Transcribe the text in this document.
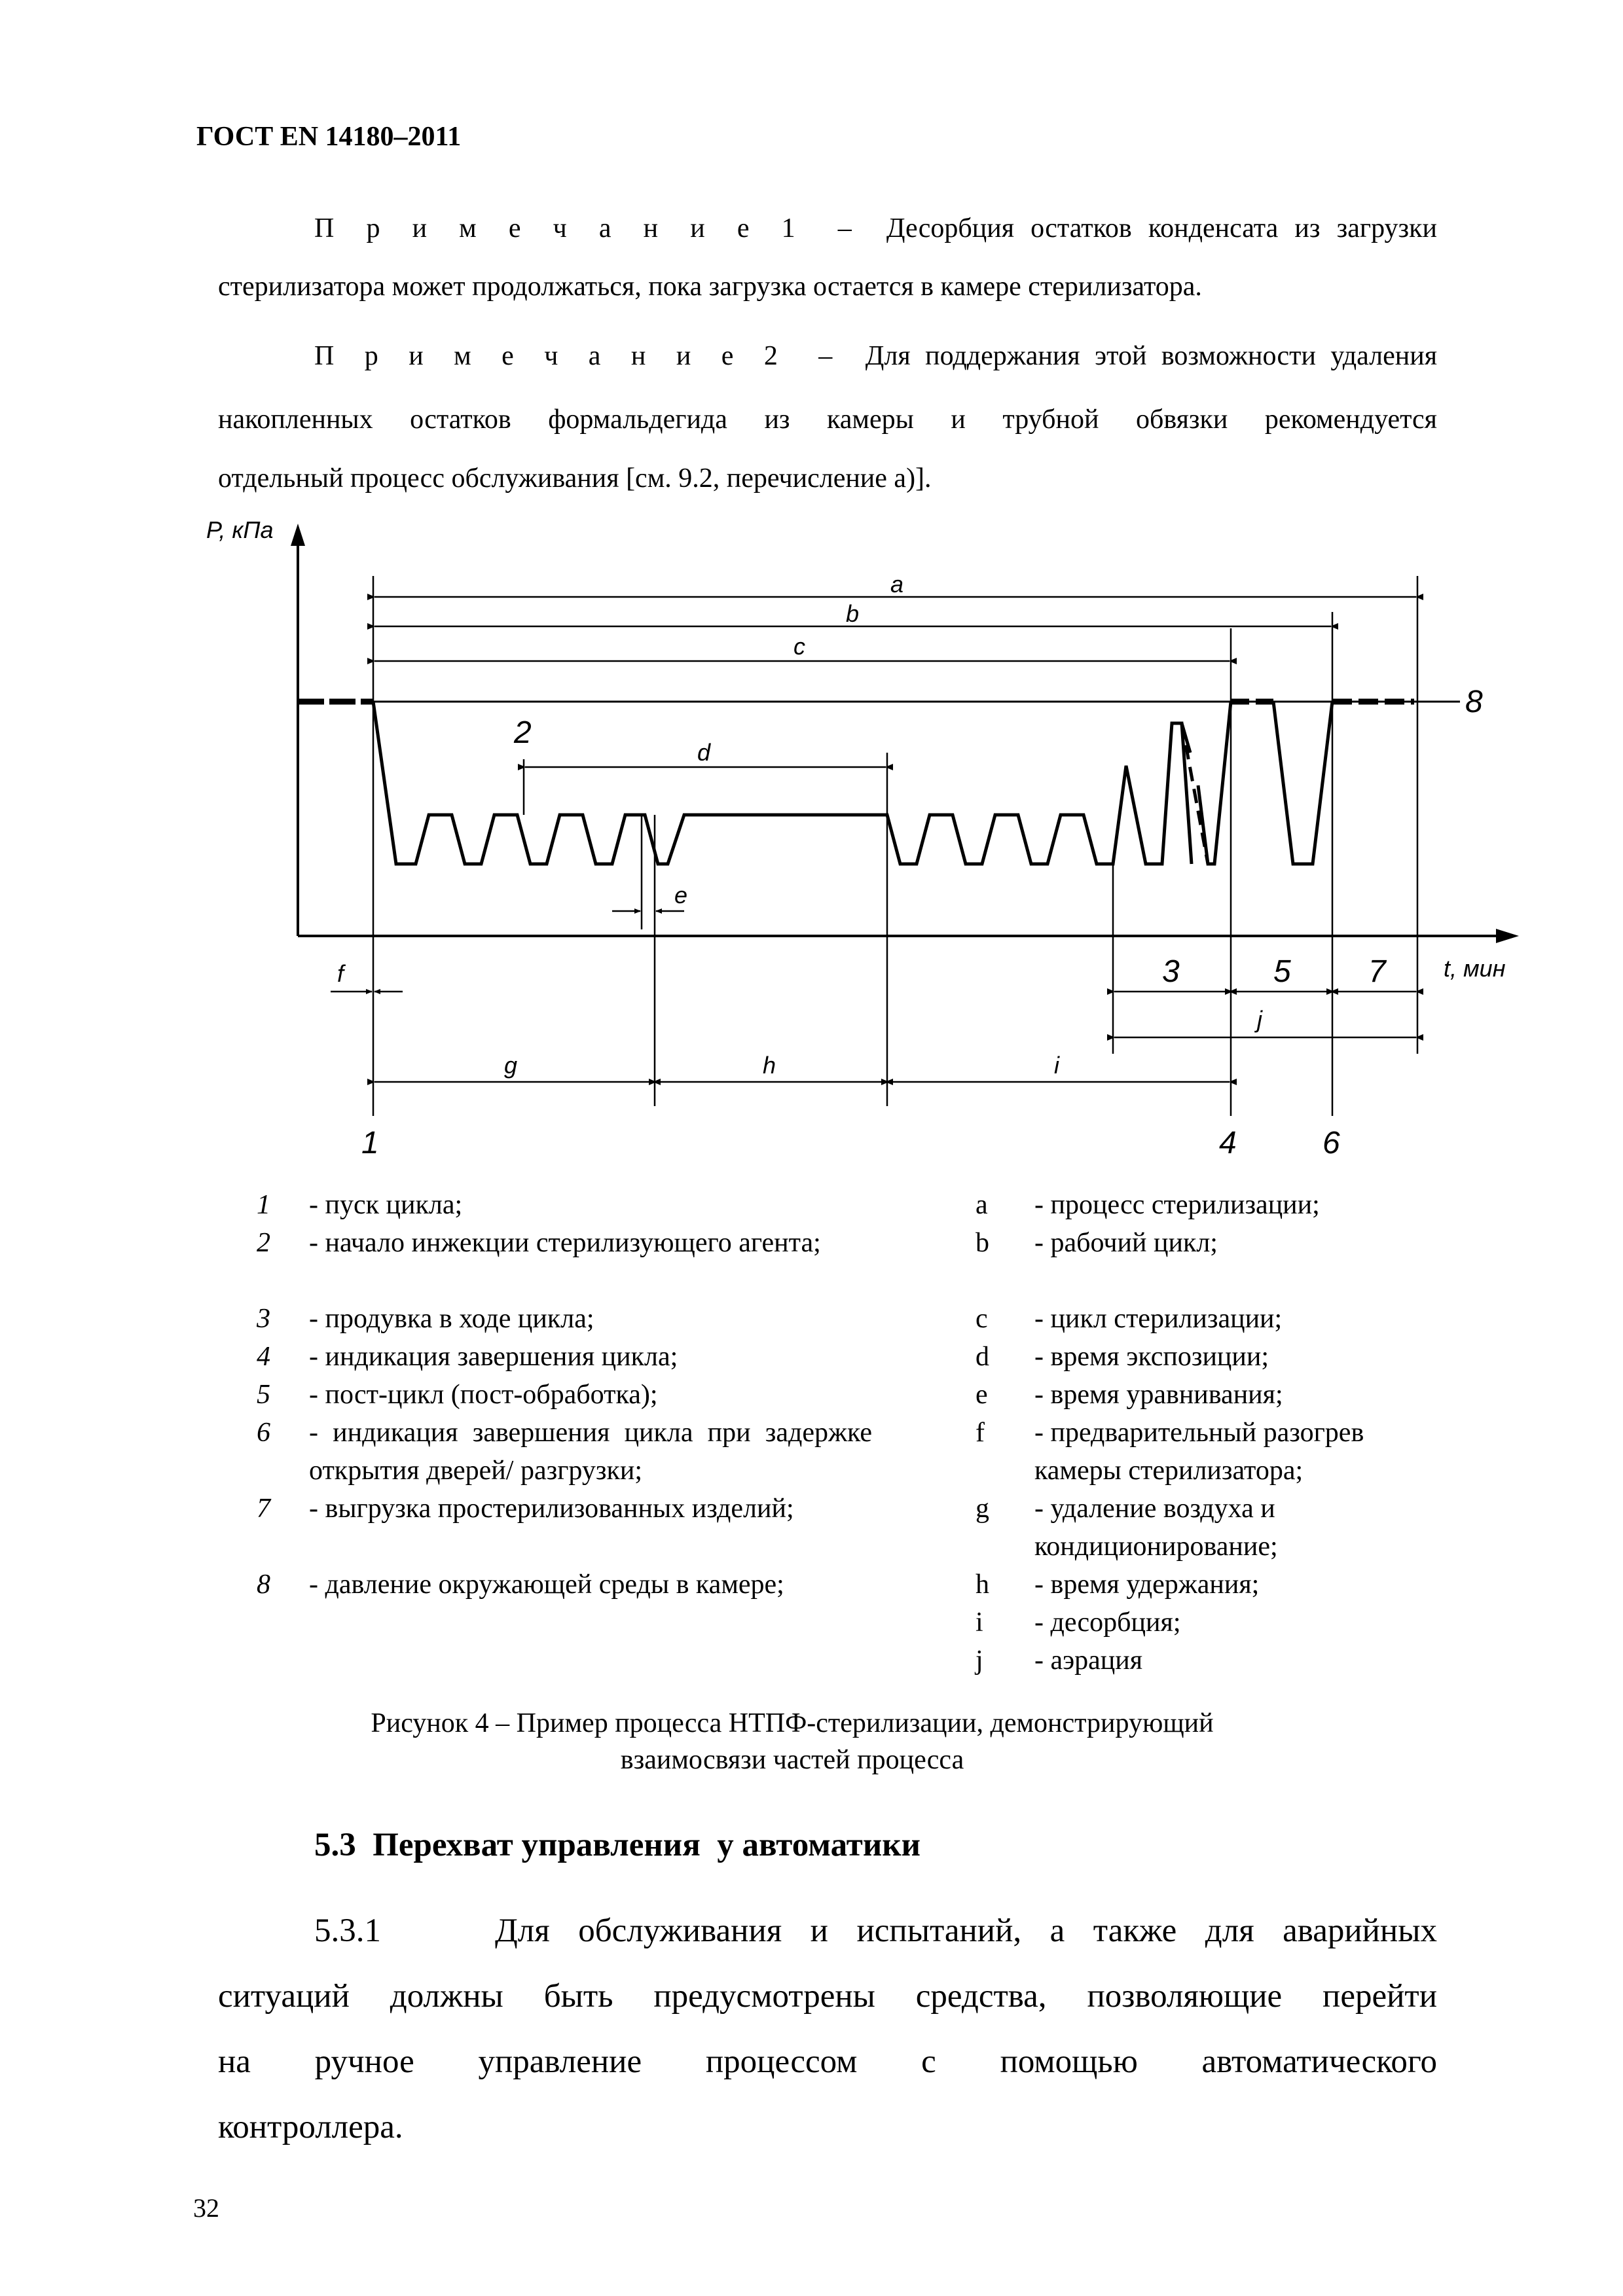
ГОСТ EN 14180–2011
П р и м е ч а н и е 1 – Десорбция остатков конденсата из загрузки
стерилизатора может продолжаться, пока загрузка остается в камере стерилизатора.
П р и м е ч а н и е 2 – Для поддержания этой возможности удаления
накопленных остатков формальдегида из камеры и трубной обвязки рекомендуется
отдельный процесс обслуживания [см. 9.2, перечисление а)].
P, кПа
t, мин
8
a
b
c
d
2
e
f	3	5 7
j
g	h	i
1	4	6
1 - пуск цикла;
2 - начало инжекции стерилизующего агента;
3 - продувка в ходе цикла;
4 - индикация завершения цикла;
5 - пост-цикл (пост-обработка);
6 - индикация завершения цикла при задержке открытия дверей/ разгрузки;
7 - выгрузка простерилизованных изделий;
8 - давление окружающей среды в камере;
a - процесс стерилизации;
b - рабочий цикл;
c - цикл стерилизации;
d - время экспозиции;
e - время уравнивания;
f - предварительный разогрев камеры стерилизатора;
g - удаление воздуха и кондиционирование;
h - время удержания;
i - десорбция;
j - аэрация
Рисунок 4 – Пример процесса НТПФ-стерилизации, демонстрирующий
взаимосвязи частей процесса
5.3  Перехват управления  у автоматики
5.3.1    Для обслуживания и испытаний, а также для аварийных
ситуаций должны быть предусмотрены средства, позволяющие перейти
на    ручное    управление    процессом    с    помощью    автоматического
контроллера.
32
